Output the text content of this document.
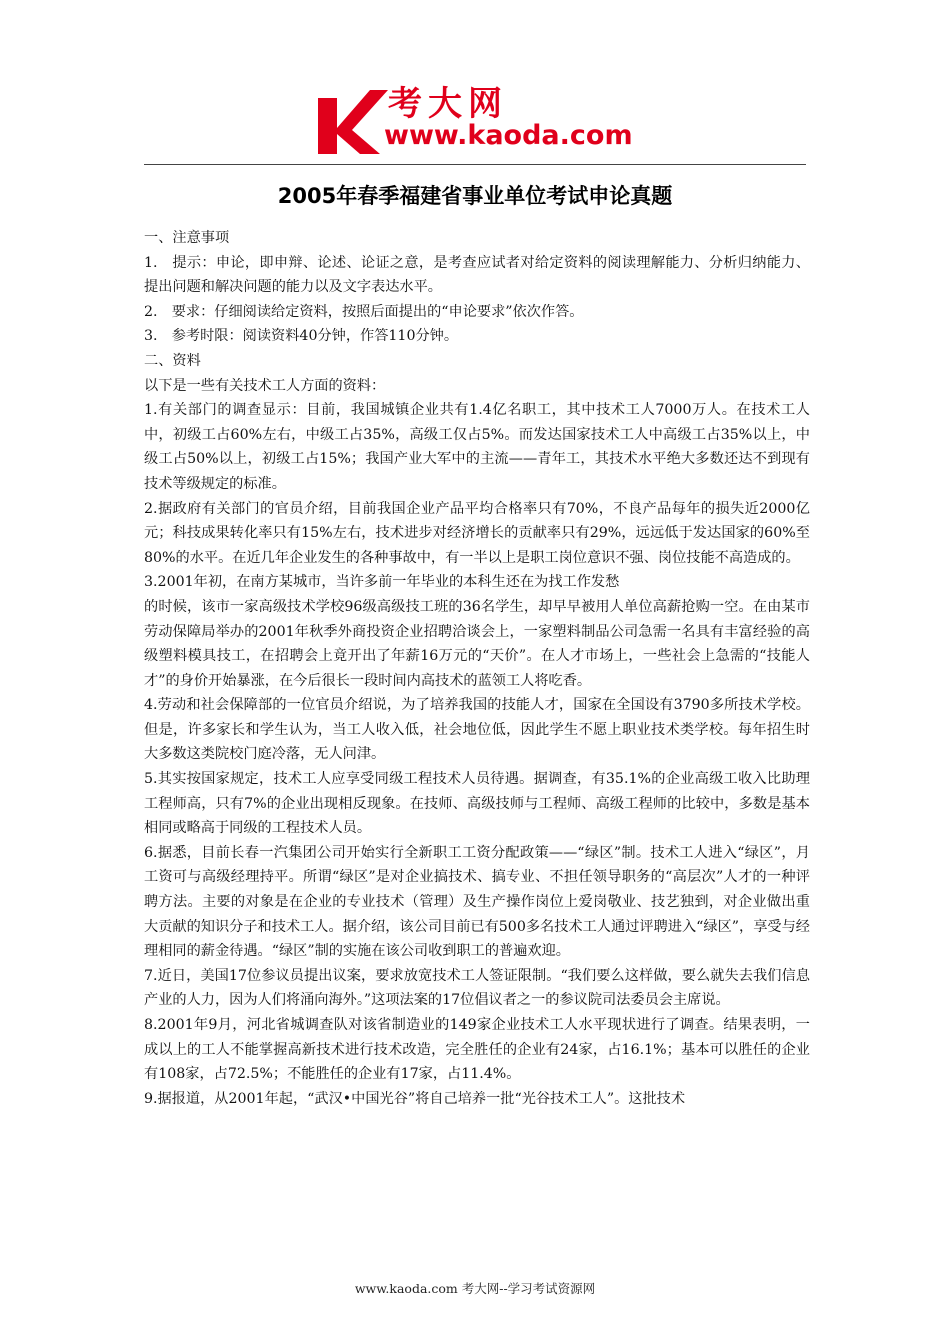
考大网
www.kaoda.com
2005年春季福建省事业单位考试申论真题

一、注意事项

1.　提示：申论，即申辩、论述、论证之意，是考查应试者对给定资料的阅读理解能力、分析归纳能力、提出问题和解决问题的能力以及文字表达水平。

2.　要求：仔细阅读给定资料，按照后面提出的“申论要求”依次作答。

3.　参考时限：阅读资料40分钟，作答110分钟。

二、资料

以下是一些有关技术工人方面的资料：

1.有关部门的调查显示：目前，我国城镇企业共有1.4亿名职工，其中技术工人7000万人。在技术工人中，初级工占60%左右，中级工占35%，高级工仅占5%。而发达国家技术工人中高级工占35%以上，中级工占50%以上，初级工占15%；我国产业大军中的主流——青年工，其技术水平绝大多数还达不到现有技术等级规定的标准。

2.据政府有关部门的官员介绍，目前我国企业产品平均合格率只有70%，不良产品每年的损失近2000亿元；科技成果转化率只有15%左右，技术进步对经济增长的贡献率只有29%，远远低于发达国家的60%至80%的水平。在近几年企业发生的各种事故中，有一半以上是职工岗位意识不强、岗位技能不高造成的。

3.2001年初，在南方某城市，当许多前一年毕业的本科生还在为找工作发愁

的时候，该市一家高级技术学校96级高级技工班的36名学生，却早早被用人单位高薪抢购一空。在由某市劳动保障局举办的2001年秋季外商投资企业招聘洽谈会上，一家塑料制品公司急需一名具有丰富经验的高级塑料模具技工，在招聘会上竟开出了年薪16万元的“天价”。在人才市场上，一些社会上急需的“技能人才”的身价开始暴涨，在今后很长一段时间内高技术的蓝领工人将吃香。

4.劳动和社会保障部的一位官员介绍说，为了培养我国的技能人才，国家在全国设有3790多所技术学校。但是，许多家长和学生认为，当工人收入低，社会地位低，因此学生不愿上职业技术类学校。每年招生时大多数这类院校门庭冷落，无人问津。

5.其实按国家规定，技术工人应享受同级工程技术人员待遇。据调查，有35.1%的企业高级工收入比助理工程师高，只有7%的企业出现相反现象。在技师、高级技师与工程师、高级工程师的比较中，多数是基本相同或略高于同级的工程技术人员。

6.据悉，目前长春一汽集团公司开始实行全新职工工资分配政策——“绿区”制。技术工人进入“绿区”，月工资可与高级经理持平。所谓“绿区”是对企业搞技术、搞专业、不担任领导职务的“高层次”人才的一种评聘方法。主要的对象是在企业的专业技术（管理）及生产操作岗位上爱岗敬业、技艺独到，对企业做出重大贡献的知识分子和技术工人。据介绍，该公司目前已有500多名技术工人通过评聘进入“绿区”，享受与经理相同的薪金待遇。“绿区”制的实施在该公司收到职工的普遍欢迎。

7.近日，美国17位参议员提出议案，要求放宽技术工人签证限制。“我们要么这样做，要么就失去我们信息产业的人力，因为人们将涌向海外。”这项法案的17位倡议者之一的参议院司法委员会主席说。

8.2001年9月，河北省城调查队对该省制造业的149家企业技术工人水平现状进行了调查。结果表明，一成以上的工人不能掌握高新技术进行技术改造，完全胜任的企业有24家，占16.1%；基本可以胜任的企业有108家，占72.5%；不能胜任的企业有17家，占11.4%。

9.据报道，从2001年起，“武汉•中国光谷”将自己培养一批“光谷技术工人”。这批技术

www.kaoda.com 考大网--学习考试资源网
